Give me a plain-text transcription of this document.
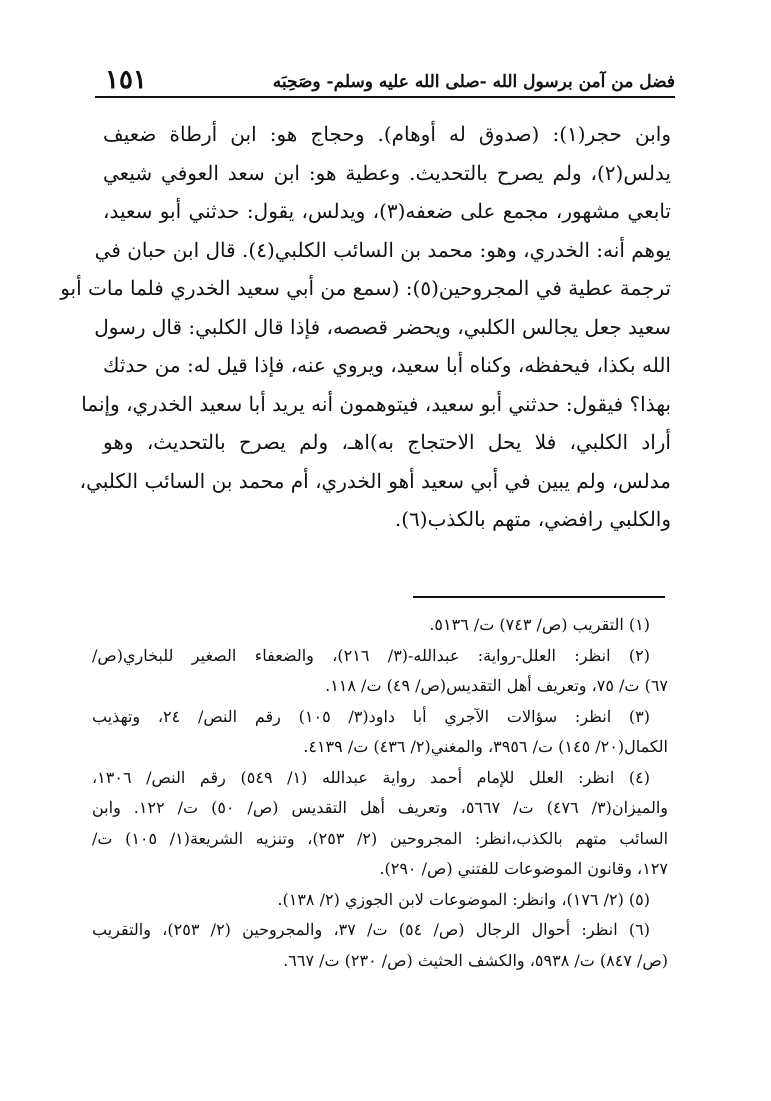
١٥١	فضل من آمن برسول الله -صلى الله عليه وسلم- وصَحِبَه
وابن حجر(١): (صدوق له أوهام). وحجاج هو: ابن أرطاة ضعيف
يدلس(٢)، ولم يصرح بالتحديث. وعطية هو: ابن سعد العوفي شيعي
تابعي مشهور، مجمع على ضعفه(٣)، ويدلس، يقول: حدثني أبو سعيد،
يوهم أنه: الخدري، وهو: محمد بن السائب الكلبي(٤). قال ابن حبان في
ترجمة عطية في المجروحين(٥): (سمع من أبي سعيد الخدري فلما مات أبو
سعيد جعل يجالس الكلبي، ويحضر قصصه، فإذا قال الكلبي: قال رسول
الله بكذا، فيحفظه، وكناه أبا سعيد، ويروي عنه، فإذا قيل له: من حدثك
بهذا؟ فيقول: حدثني أبو سعيد، فيتوهمون أنه يريد أبا سعيد الخدري، وإنما
أراد الكلبي، فلا يحل الاحتجاج به)اهـ، ولم يصرح بالتحديث، وهو
مدلس، ولم يبين في أبي سعيد أهو الخدري، أم محمد بن السائب الكلبي،
والكلبي رافضي، متهم بالكذب(٦).
(١) التقريب (ص/ ٧٤٣) ت/ ٥١٣٦.
(٢) انظر: العلل-رواية: عبدالله-(٣/ ٢١٦)، والضعفاء الصغير للبخاري(ص/
٦٧) ت/ ٧٥، وتعريف أهل التقديس(ص/ ٤٩) ت/ ١١٨.
(٣) انظر: سؤالات الآجري أبا داود(٣/ ١٠٥) رقم النص/ ٢٤، وتهذيب
الكمال(٢٠/ ١٤٥) ت/ ٣٩٥٦، والمغني(٢/ ٤٣٦) ت/ ٤١٣٩.
(٤) انظر: العلل للإمام أحمد رواية عبدالله (١/ ٥٤٩) رقم النص/ ١٣٠٦،
والميزان(٣/ ٤٧٦) ت/ ٥٦٦٧، وتعريف أهل التقديس (ص/ ٥٠) ت/ ١٢٢. وابن
السائب متهم بالكذب،انظر: المجروحين (٢/ ٢٥٣)، وتنزيه الشريعة(١/ ١٠٥) ت/
١٢٧، وقانون الموضوعات للفتني (ص/ ٢٩٠).
(٥) (٢/ ١٧٦)، وانظر: الموضوعات لابن الجوزي (٢/ ١٣٨).
(٦) انظر: أحوال الرجال (ص/ ٥٤) ت/ ٣٧، والمجروحين (٢/ ٢٥٣)، والتقريب
(ص/ ٨٤٧) ت/ ٥٩٣٨، والكشف الحثيث (ص/ ٢٣٠) ت/ ٦٦٧.
